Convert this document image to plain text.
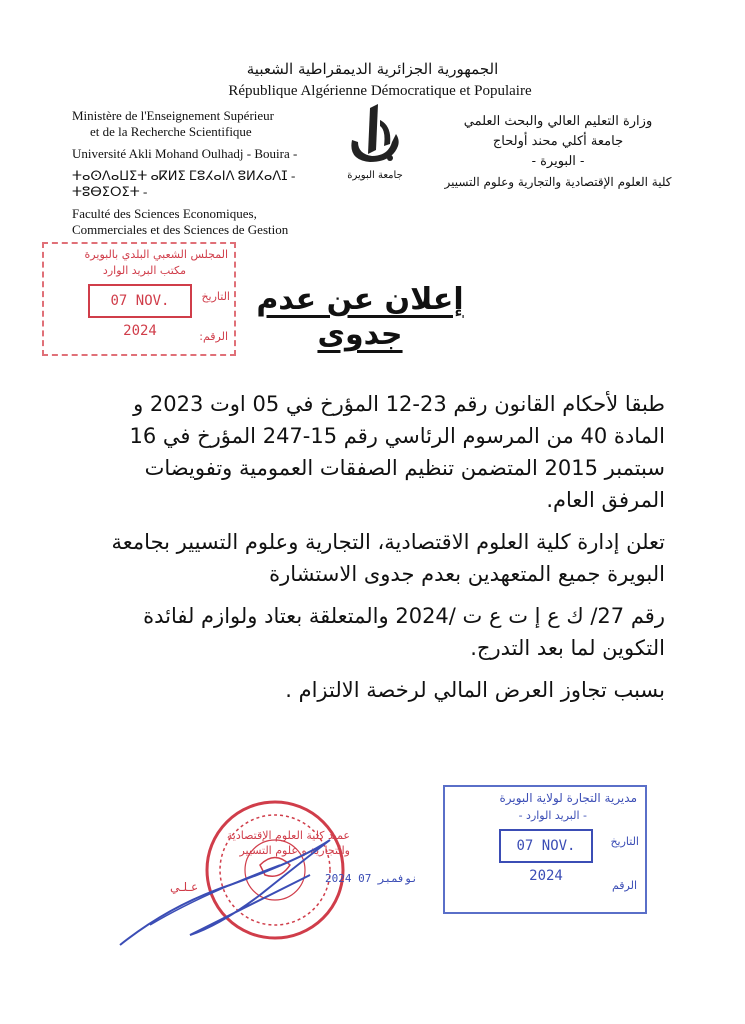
الجمهورية الجزائرية الديمقراطية الشعبية
République Algérienne Démocratique et Populaire
Ministère de l'Enseignement Supérieur
et de la Recherche Scientifique
Université Akli Mohand Oulhadj - Bouira -
ⵜⴰⵙⴷⴰⵡⵉⵜ ⴰⴽⵍⵉ ⵎⵓⵃⴰⵏⴷ ⵓⵍⵃⴰⴷⵊ - ⵜⵓⴱⵉⵔⵉⵜ -
Faculté des Sciences Economiques,
Commerciales et des Sciences de Gestion
وزارة التعليم العالي والبحث العلمي
جامعة أكلي محند أولحاج
- البويرة -
كلية العلوم الإقتصادية والتجارية وعلوم التسيير
جامعة البويرة
المجلس الشعبي البلدي بالبويرة
مكتب البريد الوارد
07 NOV. 2024
التاريخ
الرقم:
إعلان عن عدم جدوى

طبقا لأحكام القانون رقم 23-12 المؤرخ في 05 اوت 2023 و المادة 40 من المرسوم الرئاسي رقم 15-247 المؤرخ في 16 سبتمبر 2015 المتضمن تنظيم الصفقات العمومية وتفويضات المرفق العام.

تعلن إدارة كلية العلوم الاقتصادية، التجارية وعلوم التسيير بجامعة البويرة جميع المتعهدين بعدم جدوى الاستشارة

رقم 27/ ك ع إ ت ع ت /2024 والمتعلقة بعتاد ولوازم لفائدة التكوين لما بعد التدرج.

بسبب تجاوز العرض المالي لرخصة الالتزام .

عميد كلية العلوم الإقتصادية
والتجارية و علوم التسيير
عـلـي
2024 نوفمبر 07
مديرية التجارة لولاية البويرة
- البريد الوارد -
07 NOV. 2024
التاريخ
الرقم
